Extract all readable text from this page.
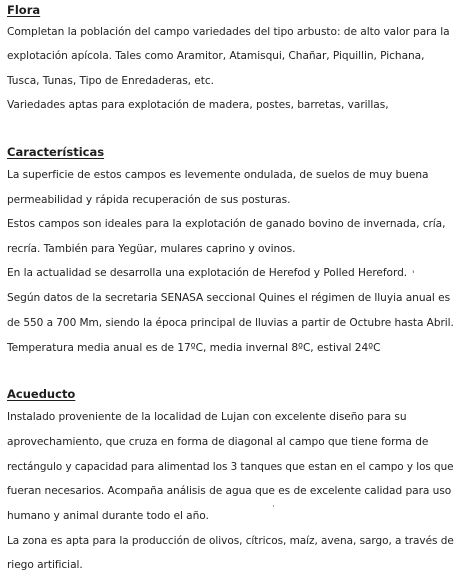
Flora
Completan la población del campo variedades del tipo arbusto: de alto valor para la
explotación apícola. Tales como Aramitor, Atamisqui, Chañar, Piquillin, Pichana,
Tusca, Tunas, Tipo de Enredaderas, etc.
Variedades aptas para explotación de madera, postes, barretas, varillas,
Características
La superficie de estos campos es levemente ondulada, de suelos de muy buena
permeabilidad y rápida recuperación de sus posturas.
Estos campos son ideales para la explotación de ganado bovino de invernada, cría,
recría. También para Yegüar, mulares caprino y ovinos.
En la actualidad se desarrolla una explotación de Herefod y Polled Hereford.
Según datos de la secretaria SENASA seccional Quines el régimen de lluyia anual es
de 550 a 700 Mm, siendo la época principal de lluvias a partir de Octubre hasta Abril.
Temperatura media anual es de 17ºC, media invernal 8ºC, estival 24ºC
Acueducto
Instalado proveniente de la localidad de Lujan con excelente diseño para su
aprovechamiento, que cruza en forma de diagonal al campo que tiene forma de
rectángulo y capacidad para alimentad los 3 tanques que estan en el campo y los que
fueran necesarios. Acompaña análisis de agua que es de excelente calidad para uso
humano y animal durante todo el año.
La zona es apta para la producción de olivos, cítricos, maíz, avena, sargo, a través de
riego artificial.
'
·
